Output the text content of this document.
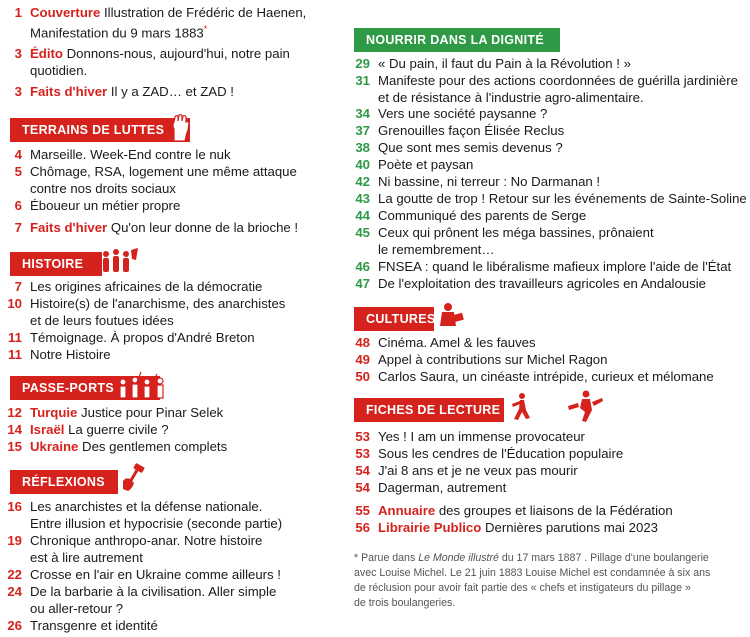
1 Couverture Illustration de Frédéric de Haenen,
Manifestation du 9 mars 1883*
3 Édito Donnons-nous, aujourd'hui, notre pain
quotidien.
3 Faits d'hiver Il y a ZAD… et ZAD !
TERRAINS DE LUTTES
4 Marseille. Week-End contre le nuk
5 Chômage, RSA, logement une même attaque
contre nos droits sociaux
6 Éboueur un métier propre
7 Faits d'hiver Qu'on leur donne de la brioche !
HISTOIRE
7 Les origines africaines de la démocratie
10 Histoire(s) de l'anarchisme, des anarchistes
et de leurs foutues idées
11 Témoignage. À propos d'André Breton
11 Notre Histoire
PASSE-PORTS
12 Turquie Justice pour Pinar Selek
14 Israël La guerre civile ?
15 Ukraine Des gentlemen complets
RÉFLEXIONS
16 Les anarchistes et la défense nationale.
Entre illusion et hypocrisie (seconde partie)
19 Chronique anthropo-anar. Notre histoire
est à lire autrement
22 Crosse en l'air en Ukraine comme ailleurs !
24 De la barbarie à la civilisation. Aller simple
ou aller-retour ?
26 Transgenre et identité
NOURRIR DANS LA DIGNITÉ
29 « Du pain, il faut du Pain à la Révolution ! »
31 Manifeste pour des actions coordonnées de guérilla jardinière
et de résistance à l'industrie agro-alimentaire.
34 Vers une société paysanne ?
37 Grenouilles façon Élisée Reclus
38 Que sont mes semis devenus ?
40 Poète et paysan
42 Ni bassine, ni terreur : No Darmanan !
43 La goutte de trop ! Retour sur les événements de Sainte-Soline
44 Communiqué des parents de Serge
45 Ceux qui prônent les méga bassines, prônaient
le remembrement…
46 FNSEA : quand le libéralisme mafieux implore l'aide de l'État
47 De l'exploitation des travailleurs agricoles en Andalousie
CULTURES
48 Cinéma. Amel & les fauves
49 Appel à contributions sur Michel Ragon
50 Carlos Saura, un cinéaste intrépide, curieux et mélomane
FICHES DE LECTURE
53 Yes ! I am un immense provocateur
53 Sous les cendres de l'Éducation populaire
54 J'ai 8 ans et je ne veux pas mourir
54 Dagerman, autrement
55 Annuaire des groupes et liaisons de la Fédération
56 Librairie Publico Dernières parutions mai 2023
* Parue dans Le Monde illustré du 17 mars 1887 . Pillage d'une boulangerie
avec Louise Michel. Le 21 juin 1883 Louise Michel est condamnée à six ans
de réclusion pour avoir fait partie des « chefs et instigateurs du pillage »
de trois boulangeries.
